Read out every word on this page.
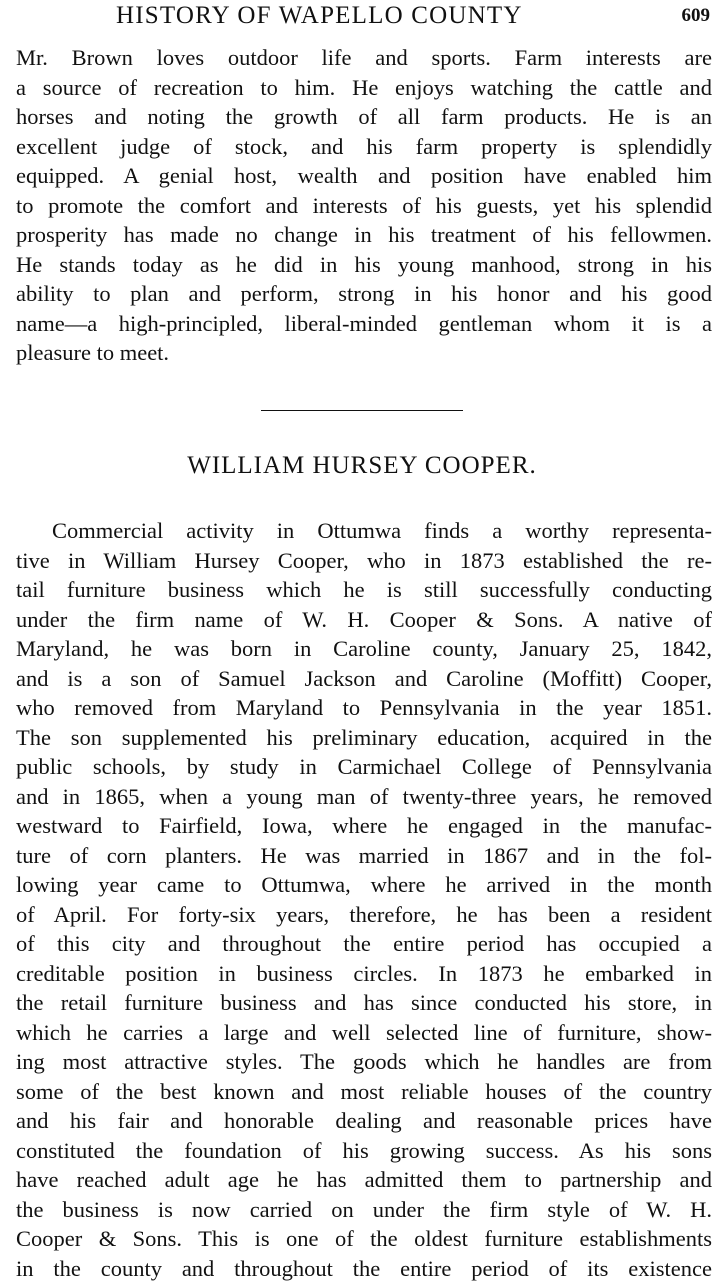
HISTORY OF WAPELLO COUNTY	609
Mr. Brown loves outdoor life and sports. Farm interests are
a source of recreation to him. He enjoys watching the cattle and
horses and noting the growth of all farm products. He is an
excellent judge of stock, and his farm property is splendidly
equipped. A genial host, wealth and position have enabled him
to promote the comfort and interests of his guests, yet his splendid
prosperity has made no change in his treatment of his fellowmen.
He stands today as he did in his young manhood, strong in his
ability to plan and perform, strong in his honor and his good
name—a high-principled, liberal-minded gentleman whom it is a
pleasure to meet.
WILLIAM HURSEY COOPER.
Commercial activity in Ottumwa finds a worthy representa-
tive in William Hursey Cooper, who in 1873 established the re-
tail furniture business which he is still successfully conducting
under the firm name of W. H. Cooper & Sons. A native of
Maryland, he was born in Caroline county, January 25, 1842,
and is a son of Samuel Jackson and Caroline (Moffitt) Cooper,
who removed from Maryland to Pennsylvania in the year 1851.
The son supplemented his preliminary education, acquired in the
public schools, by study in Carmichael College of Pennsylvania
and in 1865, when a young man of twenty-three years, he removed
westward to Fairfield, Iowa, where he engaged in the manufac-
ture of corn planters. He was married in 1867 and in the fol-
lowing year came to Ottumwa, where he arrived in the month
of April. For forty-six years, therefore, he has been a resident
of this city and throughout the entire period has occupied a
creditable position in business circles. In 1873 he embarked in
the retail furniture business and has since conducted his store, in
which he carries a large and well selected line of furniture, show-
ing most attractive styles. The goods which he handles are from
some of the best known and most reliable houses of the country
and his fair and honorable dealing and reasonable prices have
constituted the foundation of his growing success. As his sons
have reached adult age he has admitted them to partnership and
the business is now carried on under the firm style of W. H.
Cooper & Sons. This is one of the oldest furniture establishments
in the county and throughout the entire period of its existence
